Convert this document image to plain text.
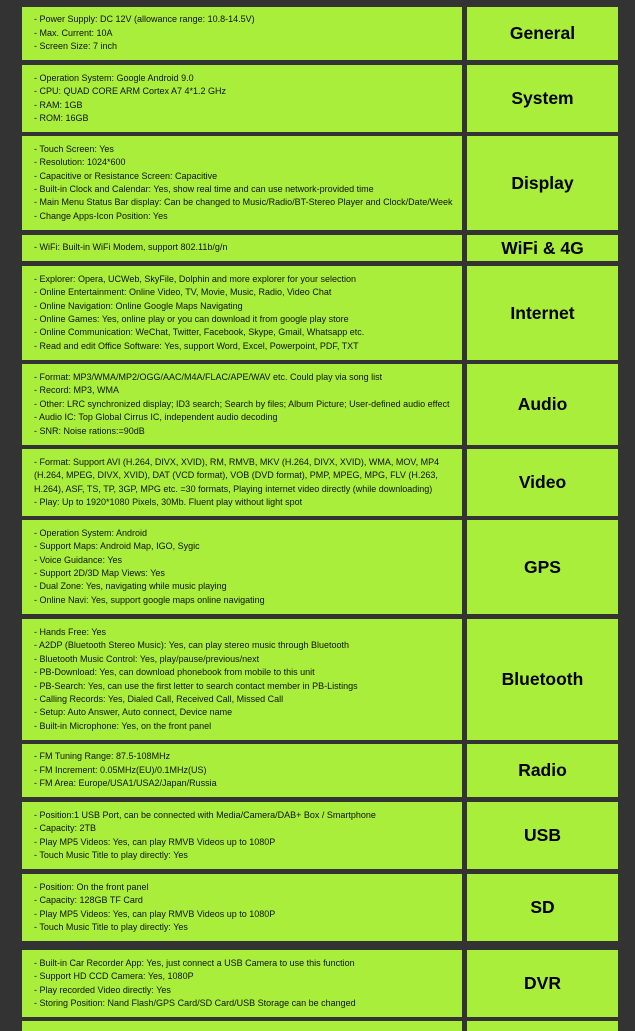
- Power Supply: DC 12V (allowance range: 10.8-14.5V)
- Max. Current: 10A
- Screen Size: 7 inch
General
- Operation System: Google Android 9.0
- CPU: QUAD CORE ARM Cortex A7 4*1.2 GHz
- RAM: 1GB
- ROM: 16GB
System
- Touch Screen: Yes
- Resolution: 1024*600
- Capacitive or Resistance Screen: Capacitive
- Built-in Clock and Calendar: Yes, show real time and can use network-provided time
- Main Menu Status Bar display: Can be changed to Music/Radio/BT-Stereo Player and Clock/Date/Week
- Change Apps-Icon Position: Yes
Display
- WiFi: Built-in WiFi Modem, support 802.11b/g/n	WiFi & 4G
- Explorer: Opera, UCWeb, SkyFile, Dolphin and more explorer for your selection
- Online Entertainment: Online Video, TV, Movie, Music, Radio, Video Chat
- Online Navigation: Online Google Maps Navigating
- Online Games: Yes, online play or you can download it from google play store
- Online Communication: WeChat, Twitter, Facebook, Skype, Gmail, Whatsapp etc.
- Read and edit Office Software: Yes, support Word, Excel, Powerpoint, PDF, TXT
Internet
- Format: MP3/WMA/MP2/OGG/AAC/M4A/FLAC/APE/WAV etc. Could play via song list
- Record: MP3, WMA
- Other: LRC synchronized display; ID3 search; Search by files; Album Picture; User-defined audio effect
- Audio IC: Top Global Cirrus IC, independent audio decoding
- SNR: Noise rations:=90dB
Audio
- Format: Support AVI (H.264, DIVX, XVID), RM, RMVB, MKV (H.264, DIVX, XVID), WMA, MOV, MP4 (H.264, MPEG, DIVX, XVID), DAT (VCD format), VOB (DVD format), PMP, MPEG, MPG, FLV (H.263, H.264), ASF, TS, TP, 3GP, MPG etc. =30 formats, Playing internet video directly (while downloading)
- Play: Up to 1920*1080 Pixels, 30Mb. Fluent play without light spot
Video
- Operation System: Android
- Support Maps: Android Map, IGO, Sygic
- Voice Guidance: Yes
- Support 2D/3D Map Views: Yes
- Dual Zone: Yes, navigating while music playing
- Online Navi: Yes, support google maps online navigating
GPS
- Hands Free: Yes
- A2DP (Bluetooth Stereo Music): Yes, can play stereo music through Bluetooth
- Bluetooth Music Control: Yes, play/pause/previous/next
- PB-Download: Yes, can download phonebook from mobile to this unit
- PB-Search: Yes, can use the first letter to search contact member in PB-Listings
- Calling Records: Yes, Dialed Call, Received Call, Missed Call
- Setup: Auto Answer, Auto connect, Device name
- Built-in Microphone: Yes, on the front panel
Bluetooth
- FM Tuning Range: 87.5-108MHz
- FM Increment: 0.05MHz(EU)/0.1MHz(US)
- FM Area: Europe/USA1/USA2/Japan/Russia
Radio
- Position:1 USB Port, can be connected with Media/Camera/DAB+ Box / Smartphone
- Capacity: 2TB
- Play MP5 Videos: Yes, can play RMVB Videos up to 1080P
- Touch Music Title to play directly: Yes
USB
- Position: On the front panel
- Capacity: 128GB TF Card
- Play MP5 Videos: Yes, can play RMVB Videos up to 1080P
- Touch Music Title to play directly: Yes
SD
- Built-in Car Recorder App: Yes, just connect a USB Camera to use this function
- Support HD CCD Camera: Yes, 1080P
- Play recorded Video directly: Yes
- Storing Position: Nand Flash/GPS Card/SD Card/USB Storage can be changed
DVR
